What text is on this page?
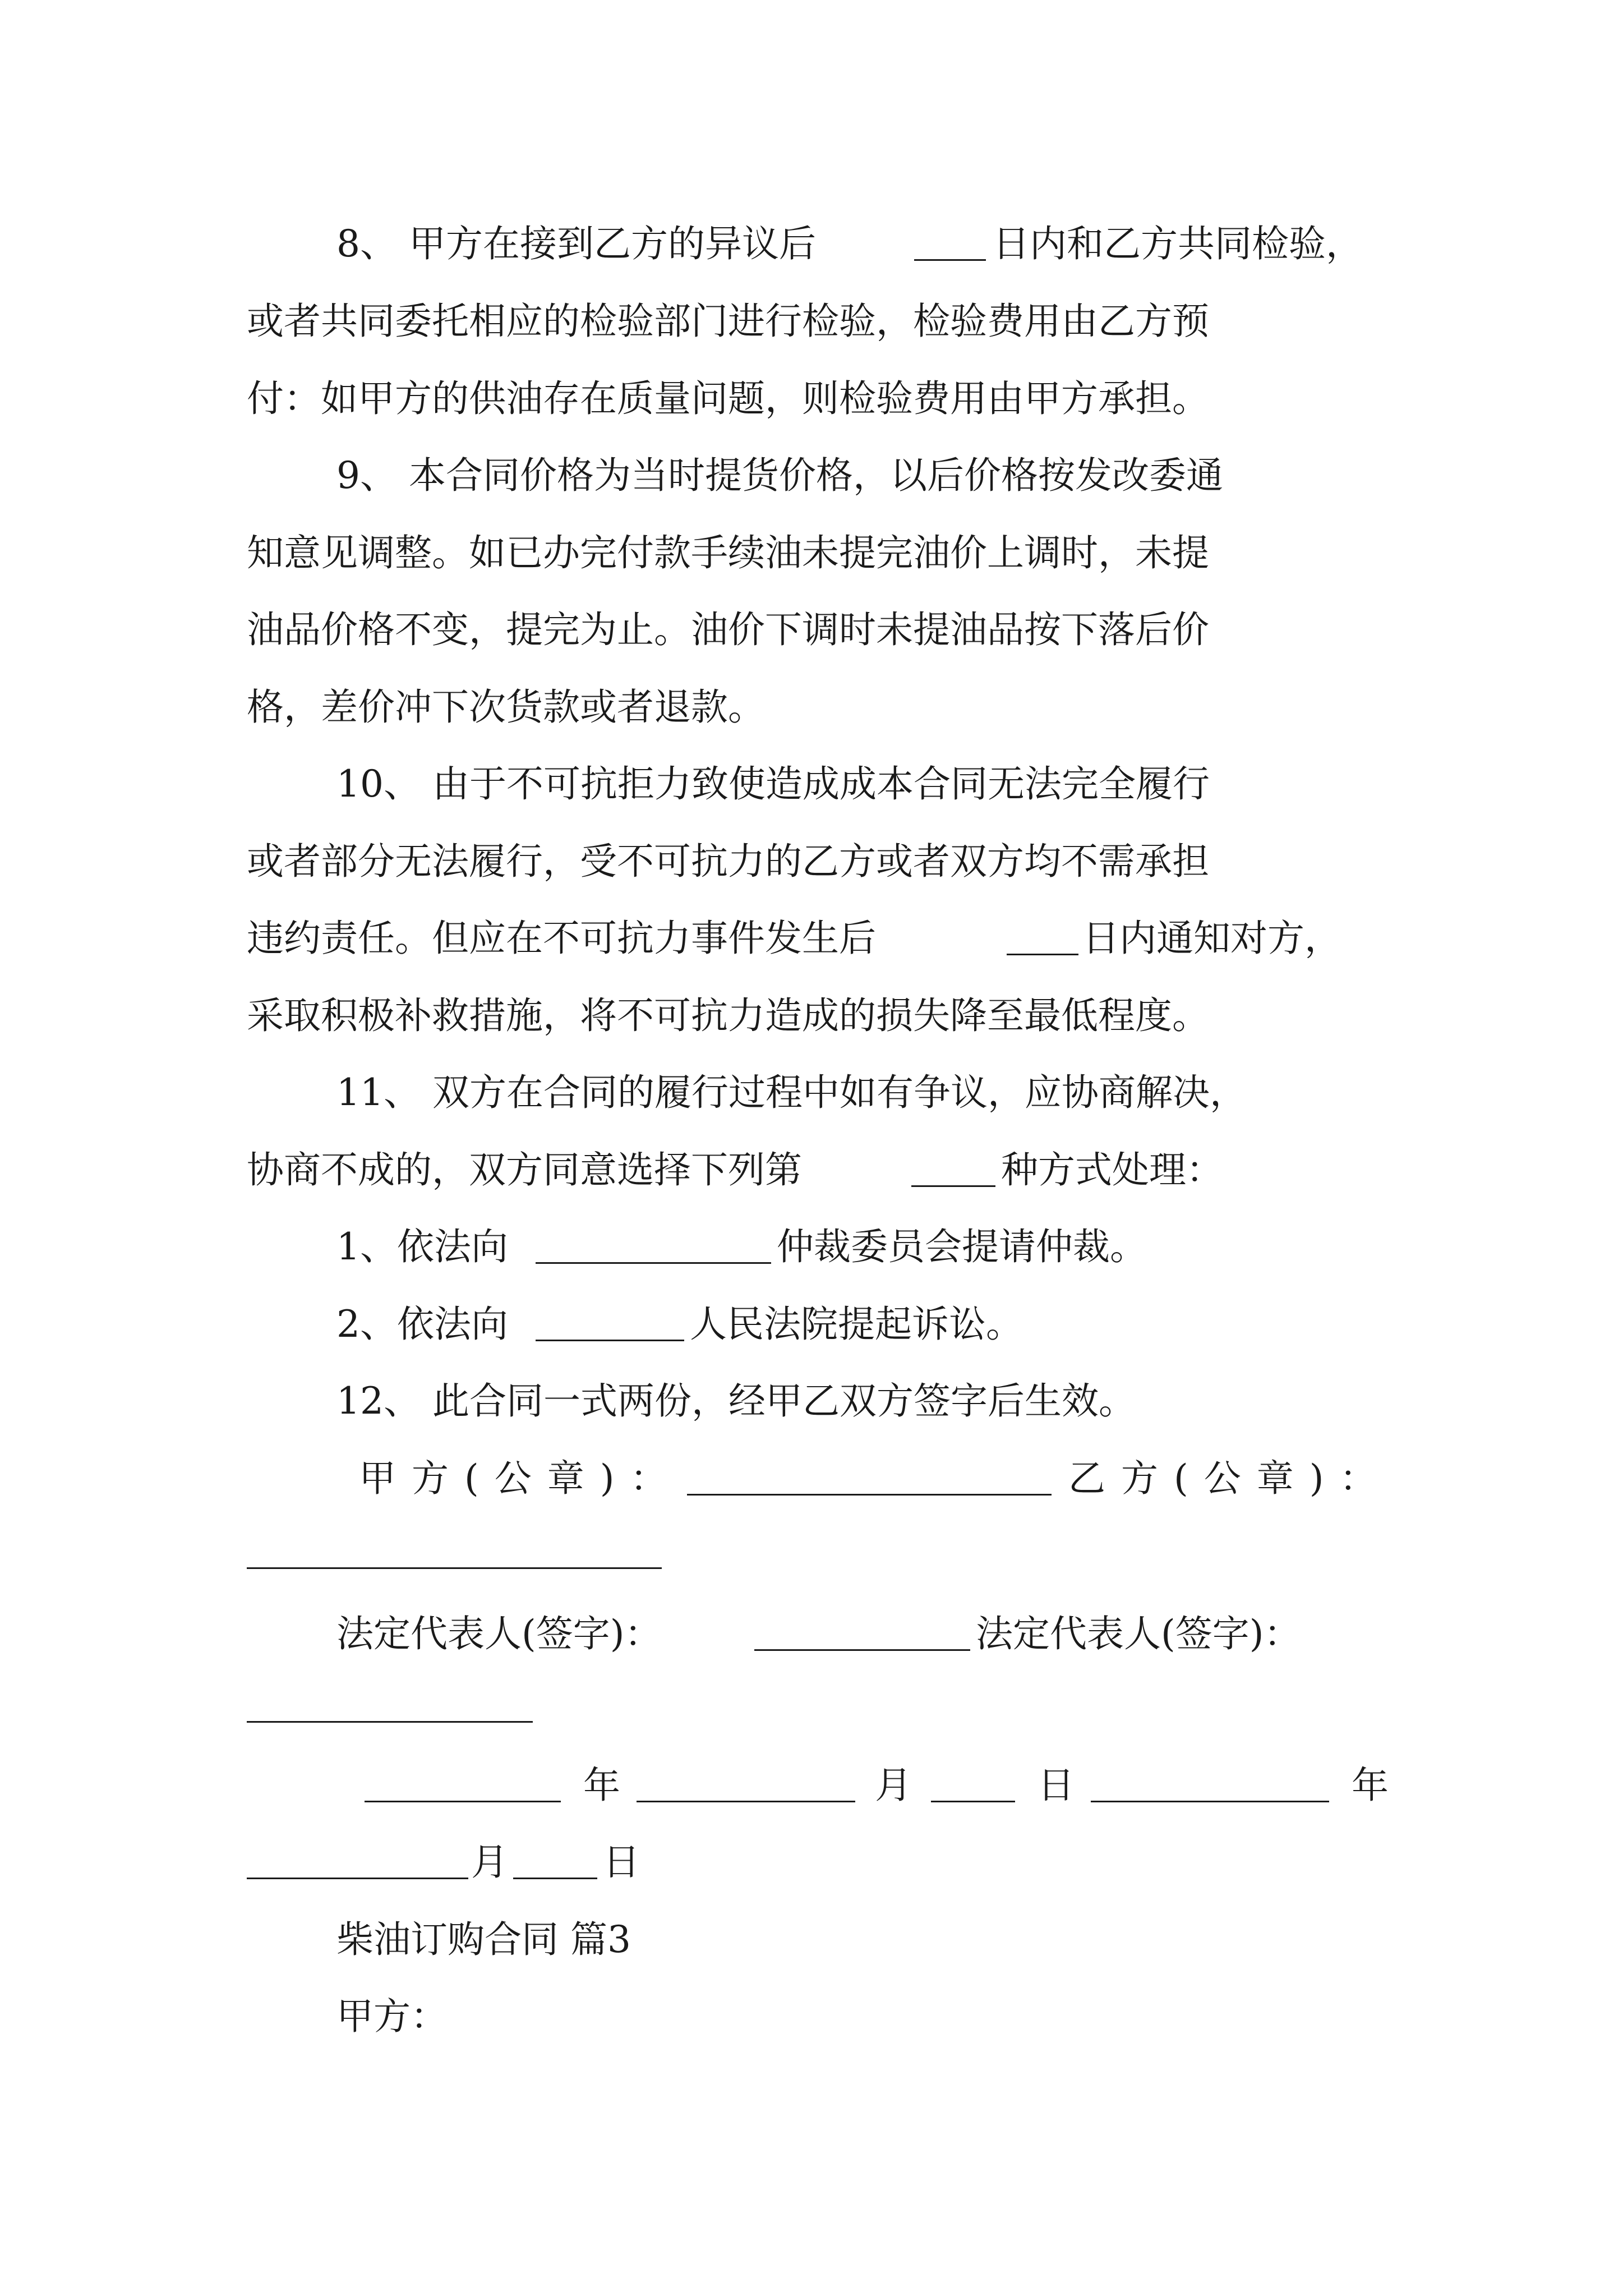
8、 甲方在接到乙方的异议后	日内和乙方共同检验，
或者共同委托相应的检验部门进行检验，检验费用由乙方预
付：如甲方的供油存在质量问题，则检验费用由甲方承担。
9、 本合同价格为当时提货价格，以后价格按发改委通
知意见调整。如已办完付款手续油未提完油价上调时，未提
油品价格不变，提完为止。油价下调时未提油品按下落后价
格，差价冲下次货款或者退款。
10、 由于不可抗拒力致使造成成本合同无法完全履行
或者部分无法履行，受不可抗力的乙方或者双方均不需承担
违约责任。但应在不可抗力事件发生后	日内通知对方，
采取积极补救措施，将不可抗力造成的损失降至最低程度。
11、 双方在合同的履行过程中如有争议，应协商解决，
协商不成的，双方同意选择下列第	种方式处理：
1、依法向	仲裁委员会提请仲裁。
2、依法向	人民法院提起诉讼。
12、 此合同一式两份，经甲乙双方签字后生效。
甲方(公章)：	乙方(公章)：
法定代表人(签字)：	法定代表人(签字)：
年	月	日	年
月	日
柴油订购合同 篇3
甲方：
